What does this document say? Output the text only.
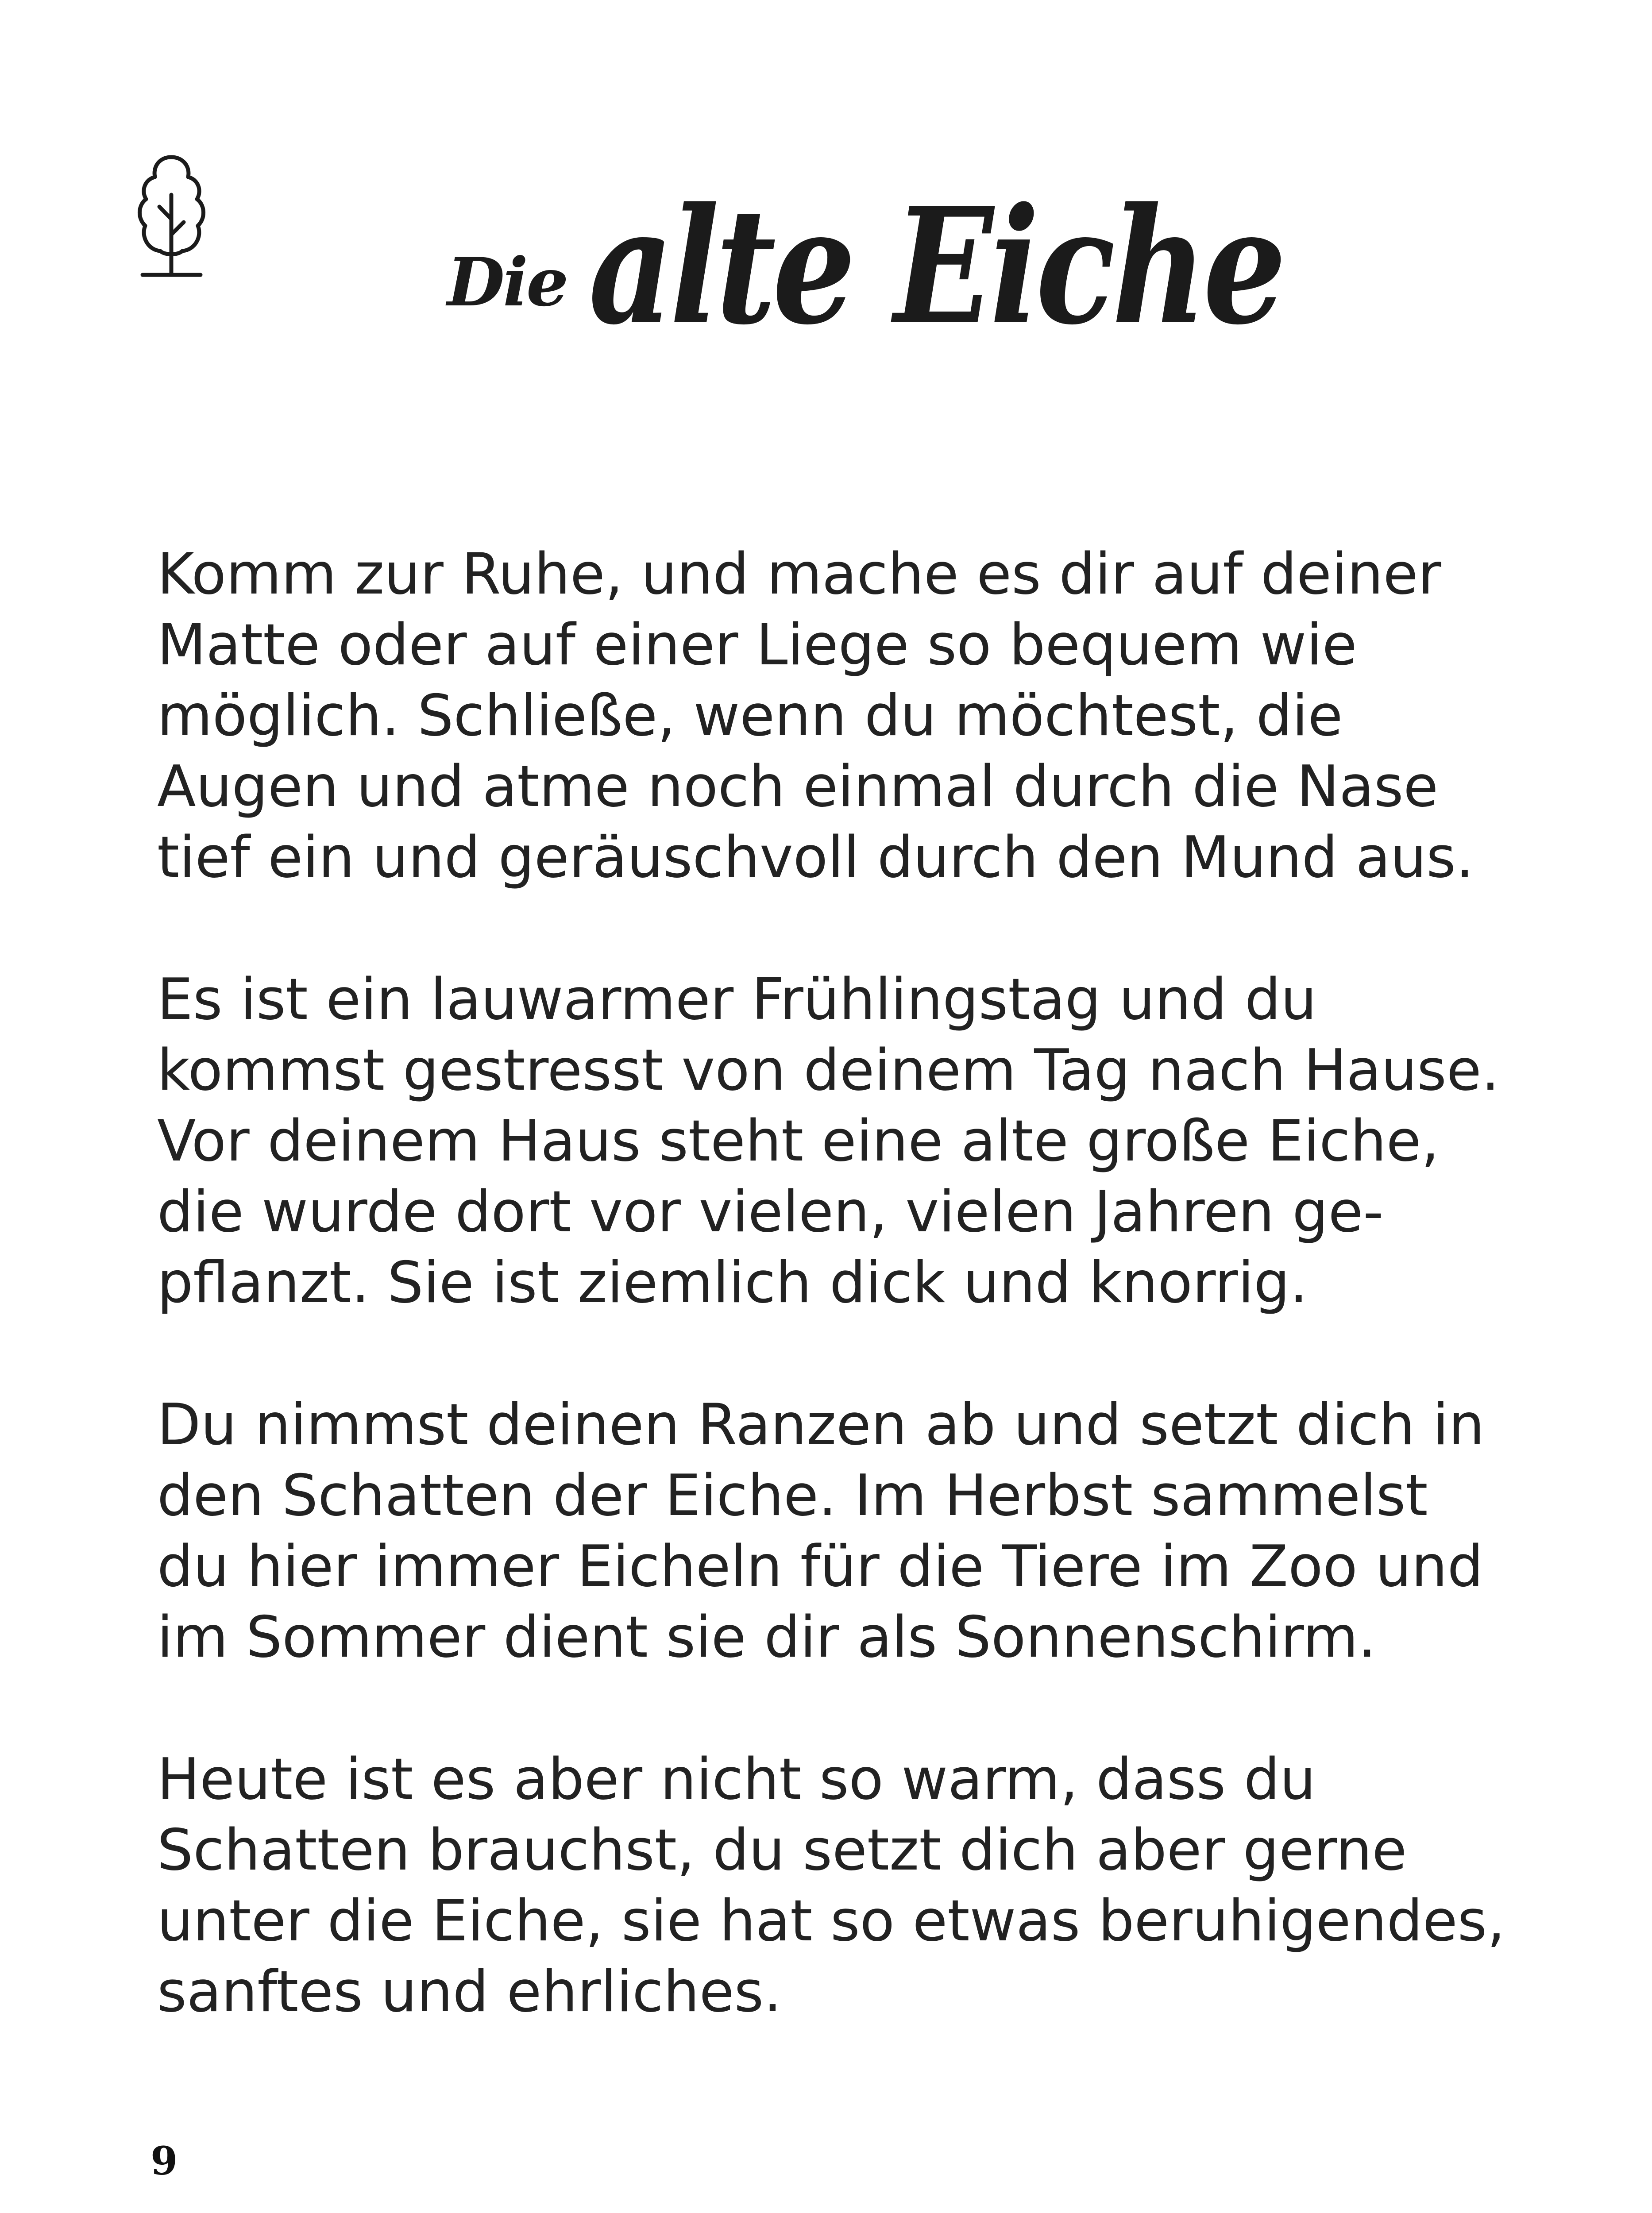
Die alte Eiche
Komm zur Ruhe, und mache es dir auf deiner
Matte oder auf einer Liege so bequem wie
möglich. Schließe, wenn du möchtest, die
Augen und atme noch einmal durch die Nase
tief ein und geräuschvoll durch den Mund aus.
Es ist ein lauwarmer Frühlingstag und du
kommst gestresst von deinem Tag nach Hause.
Vor deinem Haus steht eine alte große Eiche,
die wurde dort vor vielen, vielen Jahren ge-
pflanzt. Sie ist ziemlich dick und knorrig.
Du nimmst deinen Ranzen ab und setzt dich in
den Schatten der Eiche. Im Herbst sammelst
du hier immer Eicheln für die Tiere im Zoo und
im Sommer dient sie dir als Sonnenschirm.
Heute ist es aber nicht so warm, dass du
Schatten brauchst, du setzt dich aber gerne
unter die Eiche, sie hat so etwas beruhigendes,
sanftes und ehrliches.
9
